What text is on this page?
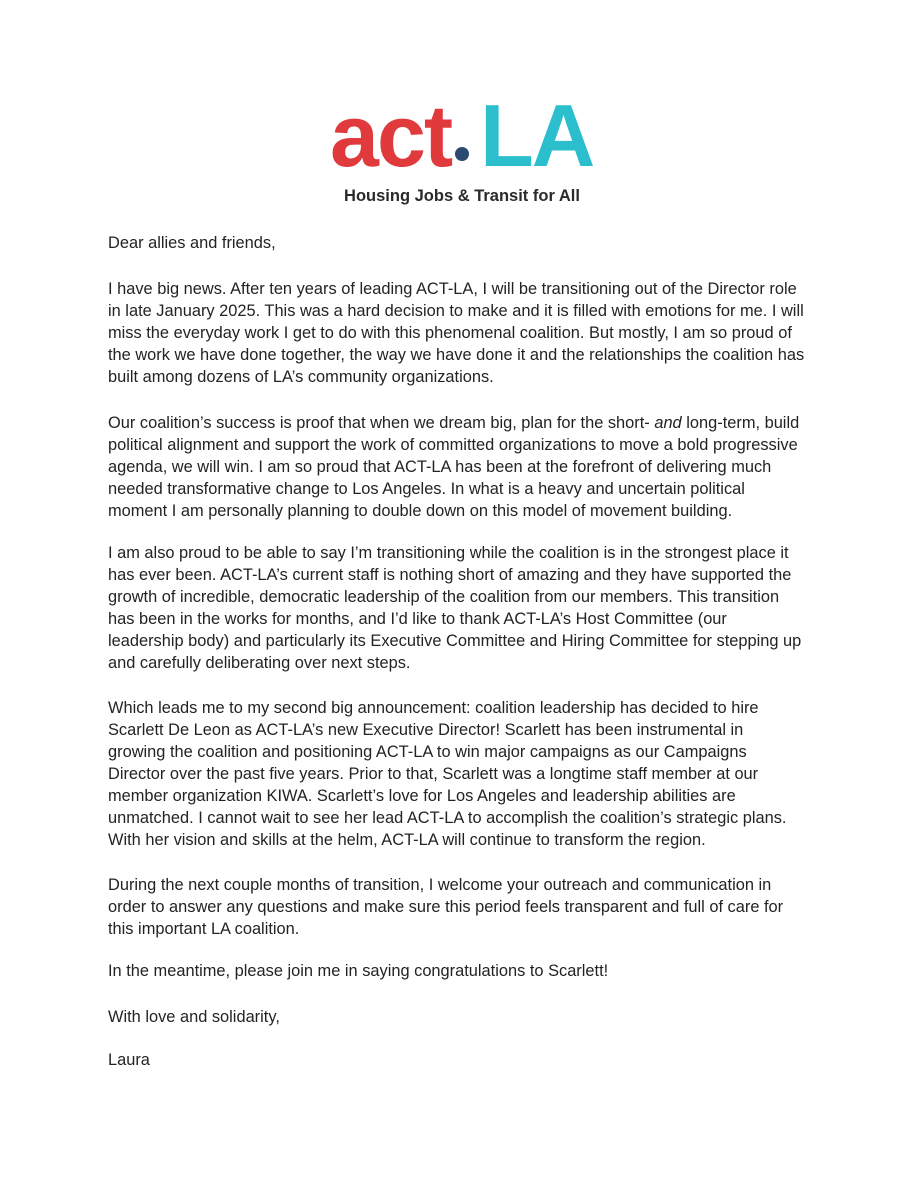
act LA
Housing Jobs & Transit for All
Dear allies and friends,
I have big news. After ten years of leading ACT-LA, I will be transitioning out of the Director role
in late January 2025. This was a hard decision to make and it is filled with emotions for me. I will
miss the everyday work I get to do with this phenomenal coalition. But mostly, I am so proud of
the work we have done together, the way we have done it and the relationships the coalition has
built among dozens of LA’s community organizations.
Our coalition’s success is proof that when we dream big, plan for the short- and long-term, build
political alignment and support the work of committed organizations to move a bold progressive
agenda, we will win. I am so proud that ACT-LA has been at the forefront of delivering much
needed transformative change to Los Angeles. In what is a heavy and uncertain political
moment I am personally planning to double down on this model of movement building.
I am also proud to be able to say I’m transitioning while the coalition is in the strongest place it
has ever been. ACT-LA’s current staff is nothing short of amazing and they have supported the
growth of incredible, democratic leadership of the coalition from our members. This transition
has been in the works for months, and I’d like to thank ACT-LA’s Host Committee (our
leadership body) and particularly its Executive Committee and Hiring Committee for stepping up
and carefully deliberating over next steps.
Which leads me to my second big announcement: coalition leadership has decided to hire
Scarlett De Leon as ACT-LA’s new Executive Director! Scarlett has been instrumental in
growing the coalition and positioning ACT-LA to win major campaigns as our Campaigns
Director over the past five years. Prior to that, Scarlett was a longtime staff member at our
member organization KIWA. Scarlett’s love for Los Angeles and leadership abilities are
unmatched. I cannot wait to see her lead ACT-LA to accomplish the coalition’s strategic plans.
With her vision and skills at the helm, ACT-LA will continue to transform the region.
During the next couple months of transition, I welcome your outreach and communication in
order to answer any questions and make sure this period feels transparent and full of care for
this important LA coalition.
In the meantime, please join me in saying congratulations to Scarlett!
With love and solidarity,
Laura
